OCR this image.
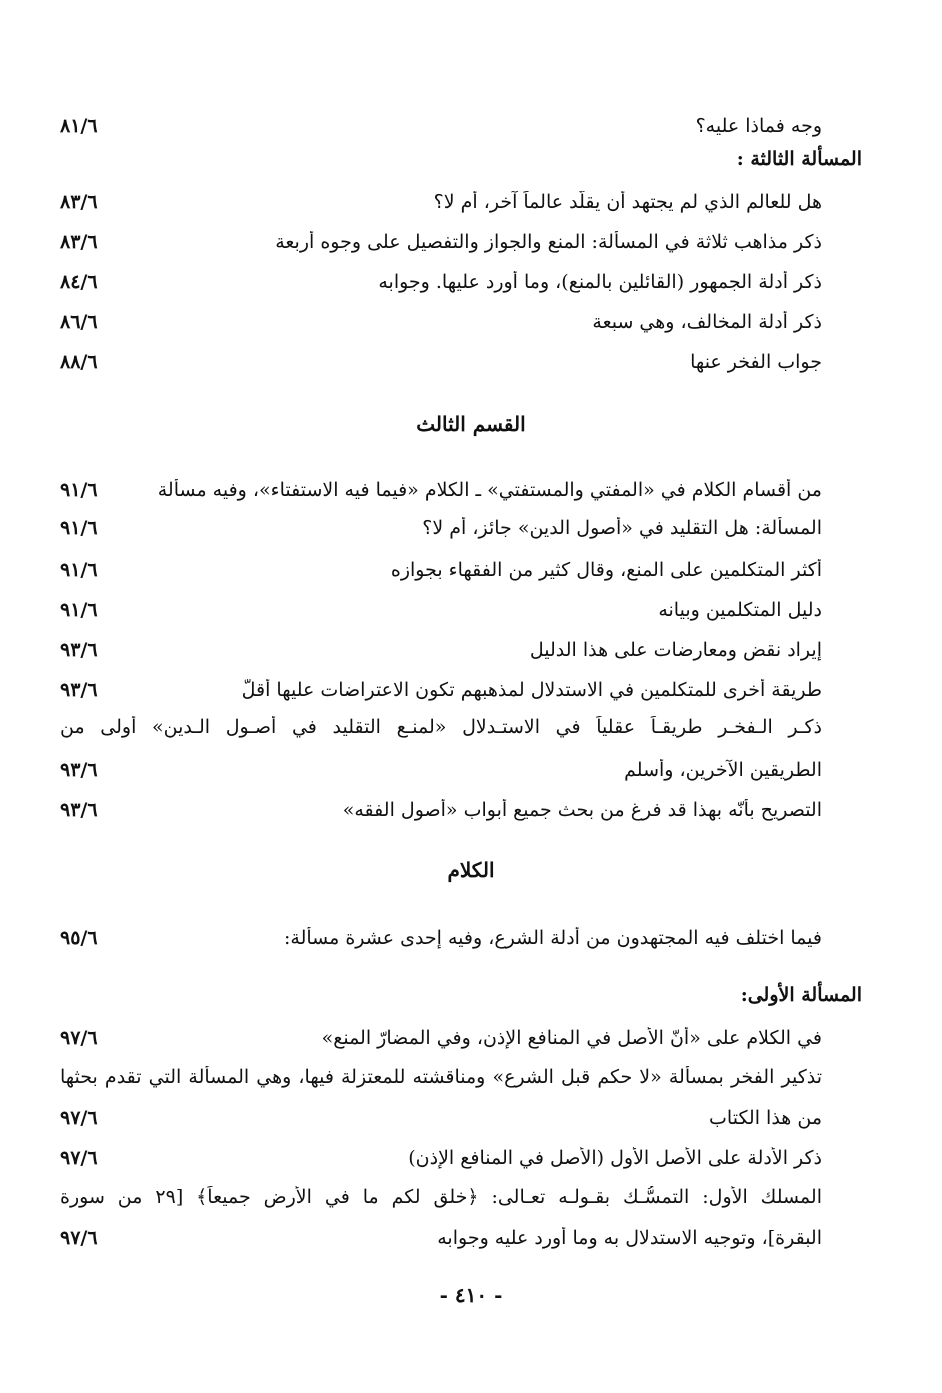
وجه فماذا عليه؟
٨١/٦
المسألة الثالثة :
هل للعالم الذي لم يجتهد أن يقلّد عالماً آخر، أم لا؟
٨٣/٦
ذكر مذاهب ثلاثة في المسألة: المنع والجواز والتفصيل على وجوه أربعة
٨٣/٦
ذكر أدلة الجمهور (القائلين بالمنع)، وما أورد عليها. وجوابه
٨٤/٦
ذكر أدلة المخالف، وهي سبعة
٨٦/٦
جواب الفخر عنها
٨٨/٦
القسم الثالث
من أقسام الكلام في «المفتي والمستفتي» ـ الكلام «فيما فيه الاستفتاء»، وفيه مسألة
٩١/٦
المسألة: هل التقليد في «أصول الدين» جائز، أم لا؟
٩١/٦
أكثر المتكلمين على المنع، وقال كثير من الفقهاء بجوازه
٩١/٦
دليل المتكلمين وبيانه
٩١/٦
إيراد نقض ومعارضات على هذا الدليل
٩٣/٦
طريقة أخرى للمتكلمين في الاستدلال لمذهبهم تكون الاعتراضات عليها أقلّ
٩٣/٦
ذكـر الـفخـر طريقـاً عقلياً في الاستـدلال «لمنـع التقليد في أصـول الـدين» أولى من
الطريقين الآخرين، وأسلم
٩٣/٦
التصريح بأنّه بهذا قد فرغ من بحث جميع أبواب «أصول الفقه»
٩٣/٦
الكلام
فيما اختلف فيه المجتهدون من أدلة الشرع، وفيه إحدى عشرة مسألة:
٩٥/٦
المسألة الأولى:
في الكلام على «أنّ الأصل في المنافع الإذن، وفي المضارّ المنع»
٩٧/٦
تذكير الفخر بمسألة «لا حكم قبل الشرع» ومناقشته للمعتزلة فيها، وهي المسألة التي تقدم بحثها
من هذا الكتاب
٩٧/٦
ذكر الأدلة على الأصل الأول (الأصل في المنافع الإذن)
٩٧/٦
المسلك الأول: التمسُّـك بقـولـه تعـالى: ﴿خلق لكم ما في الأرض جميعاً﴾ [٢٩ من سورة
البقرة]، وتوجيه الاستدلال به وما أورد عليه وجوابه
٩٧/٦
- ٤١٠ -
